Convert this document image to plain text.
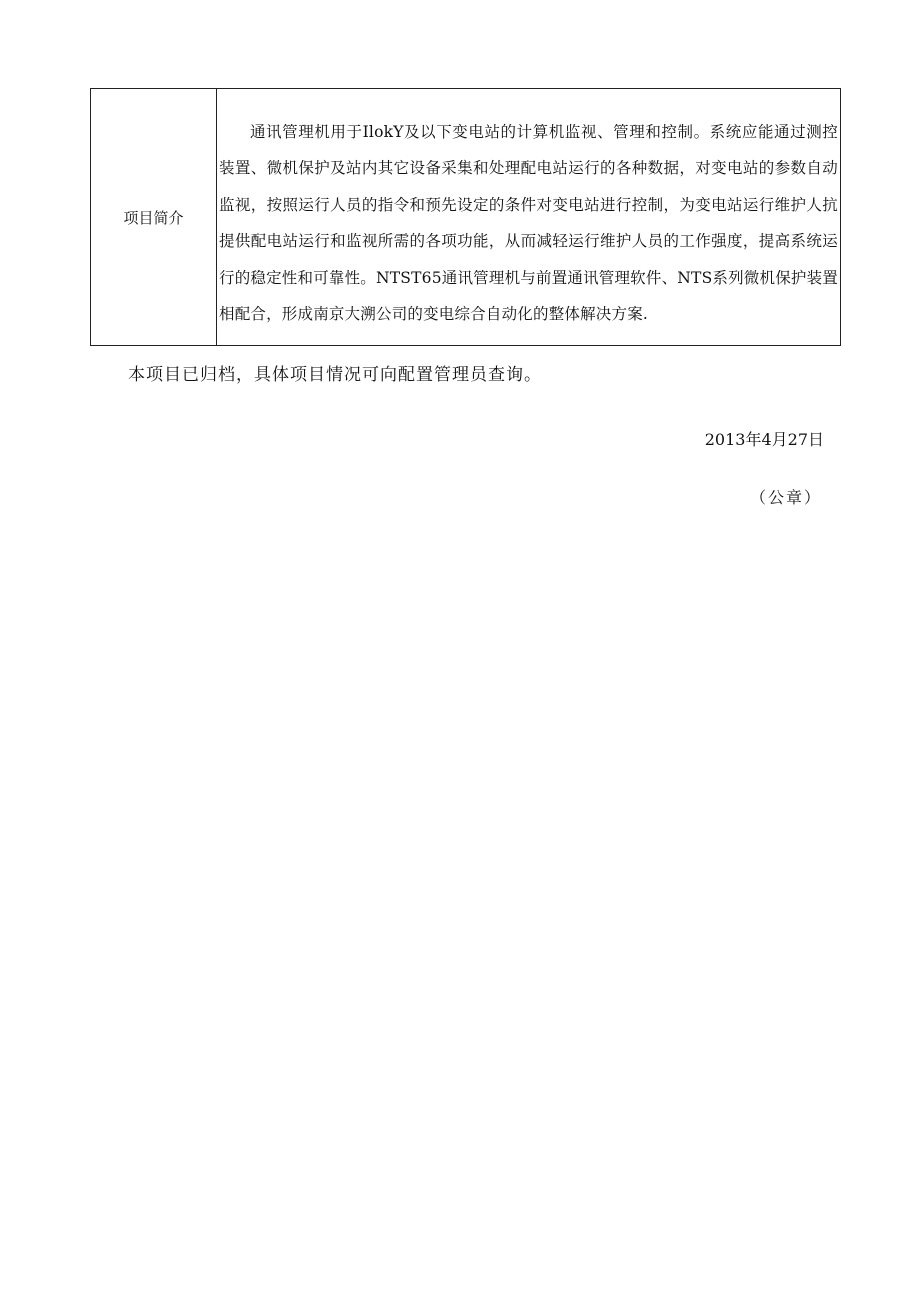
项目简介	

通讯管理机用于IlokY及以下变电站的计算机监视、管理和控制。系统应能通过测控装置、微机保护及站内其它设备采集和处理配电站运行的各种数据，对变电站的参数自动监视，按照运行人员的指令和预先设定的条件对变电站进行控制，为变电站运行维护人抗提供配电站运行和监视所需的各项功能，从而减轻运行维护人员的工作强度，提高系统运行的稳定性和可靠性。NTST65通讯管理机与前置通讯管理软件、NTS系列微机保护装置相配合，形成南京大溯公司的变电综合自动化的整体解决方案.

本项目已归档，具体项目情况可向配置管理员查询。

2013年4月27日

（公章）
